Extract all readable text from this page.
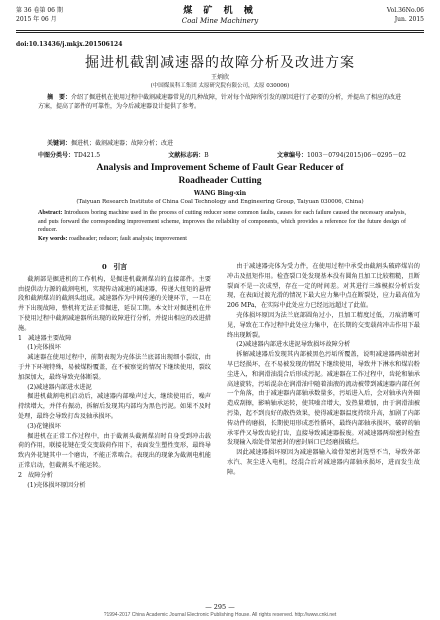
第 36 卷第 06 期
2015 年 06 月
煤 矿 机 械
Coal Mine Machinery
Vol.36No.06
Jun. 2015
doi:10.13436/j.mkjx.201506124
掘进机截割减速器的故障分析及改进方案
王炳欣
(中国煤炭科工集团 太原研究院有限公司，太原 030006)
摘　要：介绍了掘进机在使用过程中截割减速器常见的几种故障，针对每个故障所引发的原因进行了必要的分析，并提出了相应的改进方案，提高了部件的可靠性，为今后减速器设计提供了参考。
关键词：掘进机；截割减速器；故障分析；改进
中图分类号：TD421.5	文献标志码：B	文章编号：1003－0794(2015)06－0295－02
Analysis and Improvement Scheme of Fault Gear Reducer of
Roadheader Cutting
WANG Bing-xin
(Taiyuan Research Institute of China Coal Technology and Engineering Group, Taiyuan 030006, China)
Abstract: Introduces boring machine used in the process of cutting reducer some common faults, causes for each failure caused the necessary analysis, and puts forward the corresponding improvement scheme, improves the reliability of components, which provides a reference for the future design of reducer.
Key words: roadheader; reducer; fault analysis; improvement

0　引言

截割部是掘进机的工作机构，是掘进机截割煤岩的直接部件。主要由提供动力源的截割电机，实现传动减速的减速器，传递大扭矩的悬臂段和截割煤岩的截割头组成。减速器作为中间传递的关键环节，一旦在井下出现故障，整机将无法正常掘进，延误工期。本文针对掘进机在井下使用过程中截割减速器所出现的故障进行分析，并提出相应的改进措施。

1　减速器主要故障

(1)壳体损坏

减速器在使用过程中，前期表现为壳体法兰底部出现细小裂纹，由于井下环境特殊，易被煤粉覆盖，在不被察觉的情况下继续使用，裂纹加深加大，最终导致壳体断裂。

(2)减速器内部进水进泥

掘进机截割电机启动后，减速器内部噪声过大，继续使用后，噪声持续增大，并伴有振动，拆解后发现其内部均为黑色污泥。如果不及时处理，最终会导致打齿及轴承损坏。

(3)花键损坏

掘进机在正常工作过程中，由于截割头截割煤岩时自身受到冲击载荷的作用，联接花键在受交变载荷作用下，表面发生塑性变形，最终导致内外花键其中一个磨齿，不能正常啮合。表现出的现象为截割电机能正常启动，但截割头不能运转。

2　故障分析

(1)壳体损坏原因分析

由于减速器壳体为受力件，在使用过程中承受由截割头破碎煤岩的冲击及扭矩作用。检查裂口处发现基本没有圆角且加工比较粗糙，且断裂面不是一次成型，存在一定的时间差。对其进行三维模拟分析后发现，在表面过渡光滑的情况下最大应力集中点在断裂处，应力最高值为 206 MPa，在实际中此处应力已经远远超过了此值。

壳体损坏原因为法兰底部圆角过小，且加工精度过低，刀痕清晰可见，导致在工作过程中此处应力集中，在长期的交变载荷冲击作用下最终出现断裂。

(2)减速器内部进水进泥导致损坏故障分析

拆解减速器后发现其内部被黑色污垢所覆盖，说明减速器两端密封早已经损坏，在不易被发现的情况下继续使用，导致井下淋水和煤岩粉尘进入，和润滑油混合后形成污泥。减速器在工作过程中，齿轮和轴承高速旋转，污垢混杂在润滑油中随着油液的流动被带到减速器内部任何一个角落，由于减速器内部轴承数量多，污垢进入后，会对轴承内外圈造成刮擦，影响轴承运转，使其噪音增大，发热量增加，由于润滑油被污染，起不到良好的散热效果，使得减速器温度持续升高，加剧了内部传动件的磨损，长期使用形成恶性循环，最终内部轴承损坏，破碎的轴承零件又导致齿轮打齿，直接导致减速器报废。对减速器两端密封检查发现输入端处骨架密封的密封唇口已经磨损破烂。

因此减速器损坏原因为减速器输入端骨架密封选型不当，导致外部水汽、灰尘进入电机，经混合后对减速器内部轴承损坏，进而发生故障。

— 295 —
?1994-2017 China Academic Journal Electronic Publishing House. All rights reserved. http://www.cnki.net
